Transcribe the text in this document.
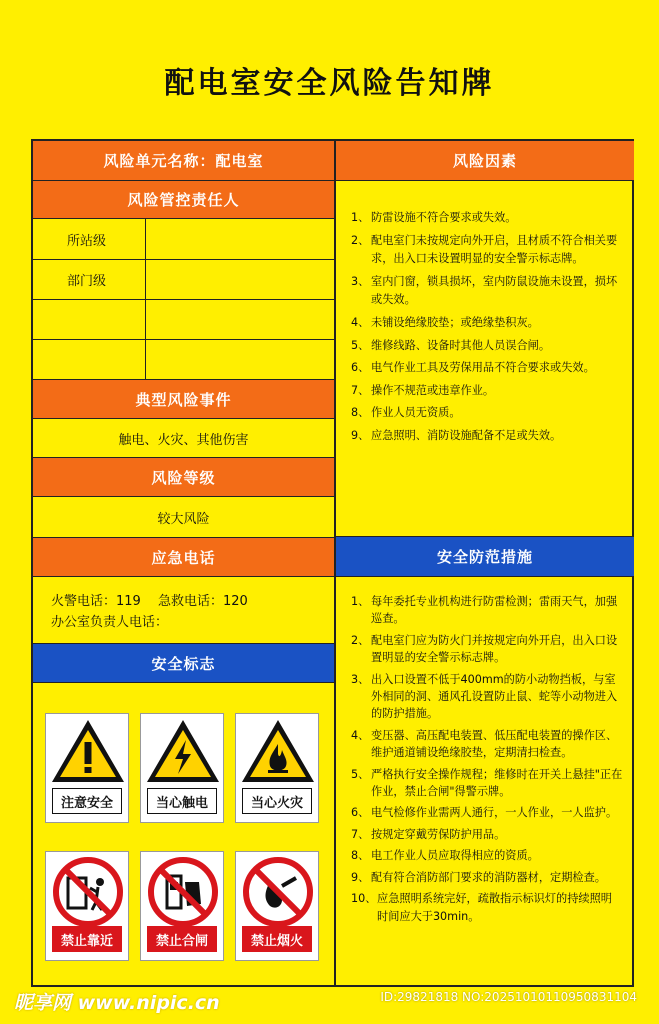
配电室安全风险告知牌
风险单元名称：配电室
风险管控责任人
所站级
部门级
典型风险事件
触电、火灾、其他伤害
风险等级
较大风险
应急电话
火警电话：119　 急救电话：120
办公室负责人电话：
安全标志
注意安全	当心触电	当心火灾
禁止靠近	禁止合闸	禁止烟火
风险因素
1、 防雷设施不符合要求或失效。
2、 配电室门未按规定向外开启，且材质不符合相关要求，出入口未设置明显的安全警示标志牌。
3、 室内门窗，锁具损坏，室内防鼠设施未设置，损坏或失效。
4、 未铺设绝缘胶垫；或绝缘垫积灰。
5、 维修线路、设备时其他人员误合闸。
6、 电气作业工具及劳保用品不符合要求或失效。
7、 操作不规范或违章作业。
8、 作业人员无资质。
9、 应急照明、消防设施配备不足或失效。
安全防范措施
1、 每年委托专业机构进行防雷检测；雷雨天气，加强巡查。
2、 配电室门应为防火门并按规定向外开启，出入口设置明显的安全警示标志牌。
3、 出入口设置不低于400mm的防小动物挡板，与室外相同的洞、通风孔设置防止鼠、蛇等小动物进入的防护措施。
4、 变压器、高压配电装置、低压配电装置的操作区、维护通道铺设绝缘胶垫，定期清扫检查。
5、 严格执行安全操作规程；维修时在开关上悬挂"正在作业，禁止合闸"得警示牌。
6、 电气检修作业需两人通行，一人作业，一人监护。
7、 按规定穿戴劳保防护用品。
8、 电工作业人员应取得相应的资质。
9、 配有符合消防部门要求的消防器材，定期检查。
10、 应急照明系统完好，疏散指示标识灯的持续照明时间应大于30min。
昵享网 www.nipic.cn	ID:29821818 NO:20251010110950831104
